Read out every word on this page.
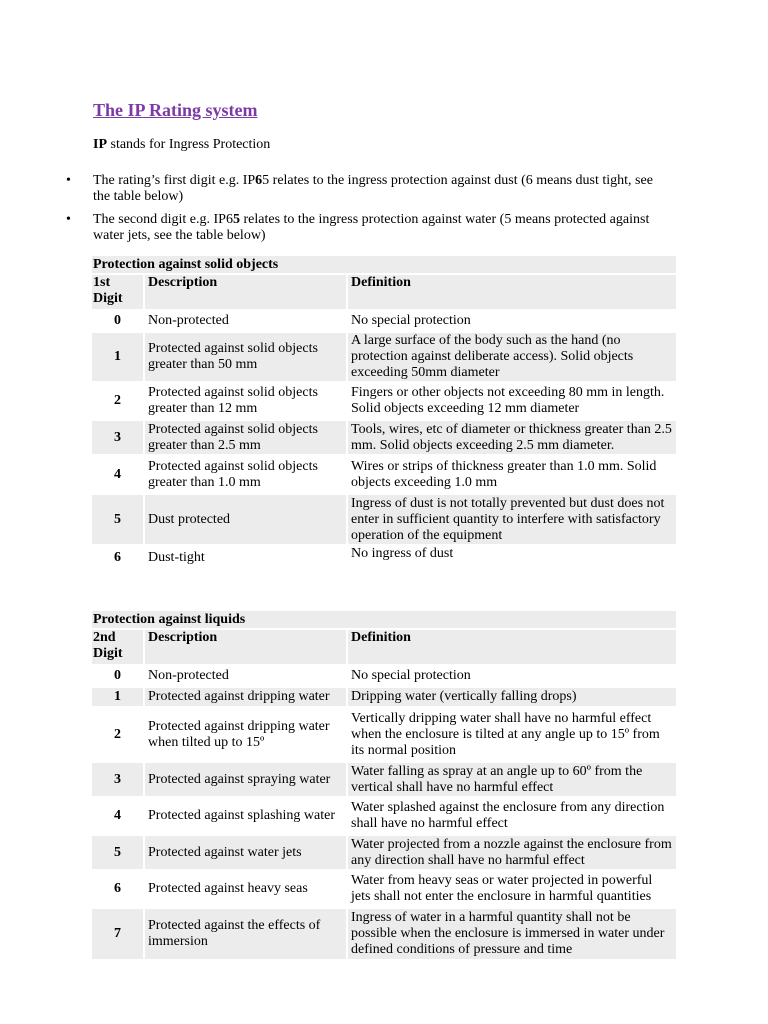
The IP Rating system
IP stands for Ingress Protection
• The rating’s first digit e.g. IP65 relates to the ingress protection against dust (6 means dust tight, see the table below)
• The second digit e.g. IP65 relates to the ingress protection against water (5 means protected against water jets, see the table below)
Protection against solid objects				
1st Digit		Description		Definition
0		Non-protected		No special protection
1		Protected against solid objects greater than 50 mm		A large surface of the body such as the hand (no protection against deliberate access). Solid objects exceeding 50mm diameter
2		Protected against solid objects greater than 12 mm		Fingers or other objects not exceeding 80 mm in length. Solid objects exceeding 12 mm diameter
3		Protected against solid objects greater than 2.5 mm		Tools, wires, etc of diameter or thickness greater than 2.5 mm. Solid objects exceeding 2.5 mm diameter.
4		Protected against solid objects greater than 1.0 mm		Wires or strips of thickness greater than 1.0 mm. Solid objects exceeding 1.0 mm
5		Dust protected		Ingress of dust is not totally prevented but dust does not enter in sufficient quantity to interfere with satisfactory operation of the equipment
6		Dust-tight		No ingress of dust
Protection against liquids				
2nd Digit		Description		Definition
0		Non-protected		No special protection
1		Protected against dripping water		Dripping water (vertically falling drops)
2		Protected against dripping water when tilted up to 15º		Vertically dripping water shall have no harmful effect when the enclosure is tilted at any angle up to 15º from its normal position
3		Protected against spraying water		Water falling as spray at an angle up to 60º from the vertical shall have no harmful effect
4		Protected against splashing water		Water splashed against the enclosure from any direction shall have no harmful effect
5		Protected against water jets		Water projected from a nozzle against the enclosure from any direction shall have no harmful effect
6		Protected against heavy seas		Water from heavy seas or water projected in powerful jets shall not enter the enclosure in harmful quantities
7		Protected against the effects of immersion		Ingress of water in a harmful quantity shall not be possible when the enclosure is immersed in water under defined conditions of pressure and time
